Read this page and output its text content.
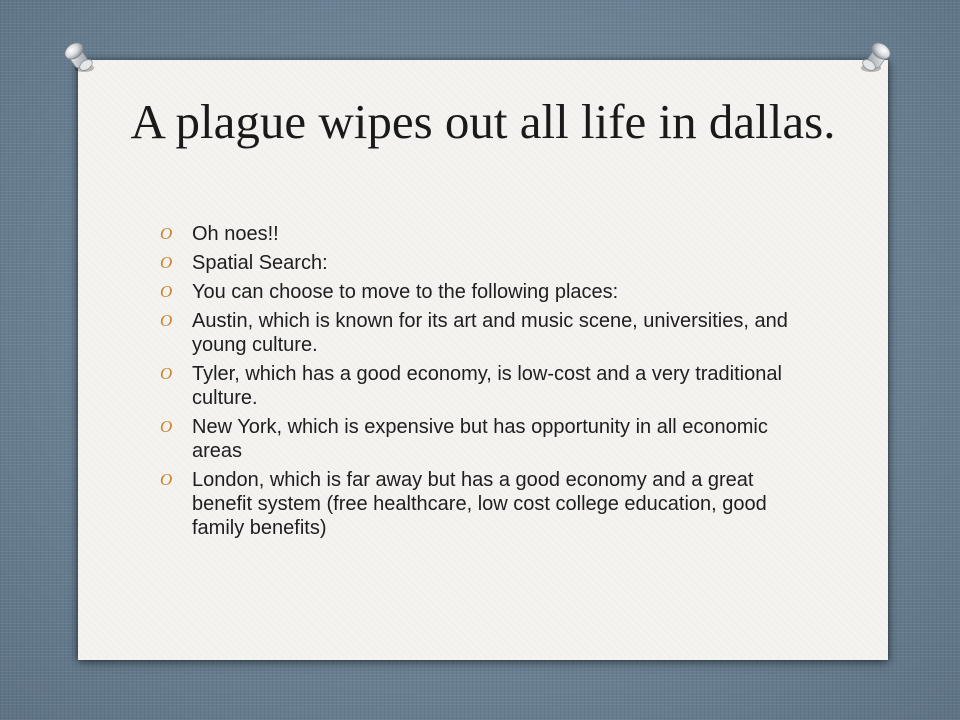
A plague wipes out all life in dallas.
O Oh noes!!
O Spatial Search:
O You can choose to move to the following places:
O Austin, which is known for its art and music scene, universities, and young culture.
O Tyler, which has a good economy, is low-cost and a very traditional culture.
O New York, which is expensive but has opportunity in all economic areas
O London, which is far away but has a good economy and a great benefit system (free healthcare, low cost college education, good family benefits)
